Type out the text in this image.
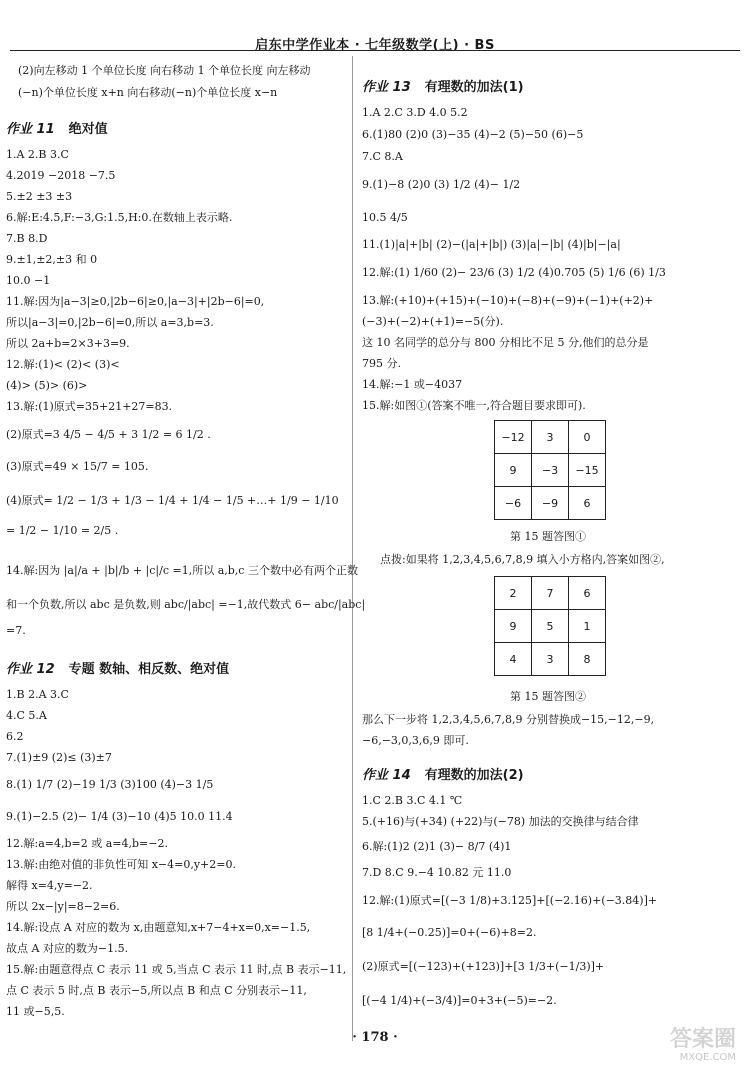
启东中学作业本 · 七年级数学(上) · BS
(2)向左移动 1 个单位长度 向右移动 1 个单位长度 向左移动
(−n)个单位长度 x+n 向右移动(−n)个单位长度 x−n
作业 11 绝对值
1.A 2.B 3.C
4.2019 −2018 −7.5
5.±2 ±3 ±3
6.解:E:4.5,F:−3,G:1.5,H:0.在数轴上表示略.
7.B 8.D
9.±1,±2,±3 和 0
10.0 −1
11.解:因为|a−3|≥0,|2b−6|≥0,|a−3|+|2b−6|=0,
所以|a−3|=0,|2b−6|=0,所以 a=3,b=3.
所以 2a+b=2×3+3=9.
12.解:(1)< (2)< (3)<
(4)> (5)> (6)>
13.解:(1)原式=35+21+27=83.
(2)原式=3 4/5 − 4/5 + 3 1/2 = 6 1/2 .
(3)原式=49 × 15/7 = 105.
(4)原式= 1/2 − 1/3 + 1/3 − 1/4 + 1/4 − 1/5 +…+ 1/9 − 1/10
= 1/2 − 1/10 = 2/5 .
14.解:因为 |a|/a + |b|/b + |c|/c =1,所以 a,b,c 三个数中必有两个正数
和一个负数,所以 abc 是负数,则 abc/|abc| =−1,故代数式 6− abc/|abc|
=7.
作业 12 专题 数轴、相反数、绝对值
1.B 2.A 3.C
4.C 5.A
6.2
7.(1)±9 (2)≤ (3)±7
8.(1) 1/7 (2)−19 1/3 (3)100 (4)−3 1/5
9.(1)−2.5 (2)− 1/4 (3)−10 (4)5 10.0 11.4
12.解:a=4,b=2 或 a=4,b=−2.
13.解:由绝对值的非负性可知 x−4=0,y+2=0.
解得 x=4,y=−2.
所以 2x−|y|=8−2=6.
14.解:设点 A 对应的数为 x,由题意知,x+7−4+x=0,x=−1.5,
故点 A 对应的数为−1.5.
15.解:由题意得点 C 表示 11 或 5,当点 C 表示 11 时,点 B 表示−11,
点 C 表示 5 时,点 B 表示−5,所以点 B 和点 C 分别表示−11,
11 或−5,5.
作业 13 有理数的加法(1)
1.A 2.C 3.D 4.0 5.2
6.(1)80 (2)0 (3)−35 (4)−2 (5)−50 (6)−5
7.C 8.A
9.(1)−8 (2)0 (3) 1/2 (4)− 1/2
10.5 4/5
11.(1)|a|+|b| (2)−(|a|+|b|) (3)|a|−|b| (4)|b|−|a|
12.解:(1) 1/60 (2)− 23/6 (3) 1/2 (4)0.705 (5) 1/6 (6) 1/3
13.解:(+10)+(+15)+(−10)+(−8)+(−9)+(−1)+(+2)+
(−3)+(−2)+(+1)=−5(分).
这 10 名同学的总分与 800 分相比不足 5 分,他们的总分是
795 分.
14.解:−1 或−4037
15.解:如图①(答案不唯一,符合题目要求即可).
−12	3	0
9	−3	−15
−6	−9	6
第 15 题答图①
点拨:如果将 1,2,3,4,5,6,7,8,9 填入小方格内,答案如图②,
2	7	6
9	5	1
4	3	8
第 15 题答图②
那么下一步将 1,2,3,4,5,6,7,8,9 分别替换成−15,−12,−9,
−6,−3,0,3,6,9 即可.
作业 14 有理数的加法(2)
1.C 2.B 3.C 4.1 ℃
5.(+16)与(+34) (+22)与(−78) 加法的交换律与结合律
6.解:(1)2 (2)1 (3)− 8/7 (4)1
7.D 8.C 9.−4 10.82 元 11.0
12.解:(1)原式=[(−3 1/8)+3.125]+[(−2.16)+(−3.84)]+
[8 1/4+(−0.25)]=0+(−6)+8=2.
(2)原式=[(−123)+(+123)]+[3 1/3+(−1/3)]+
[(−4 1/4)+(−3/4)]=0+3+(−5)=−2.
· 178 ·	答案圈
MXQE.COM
